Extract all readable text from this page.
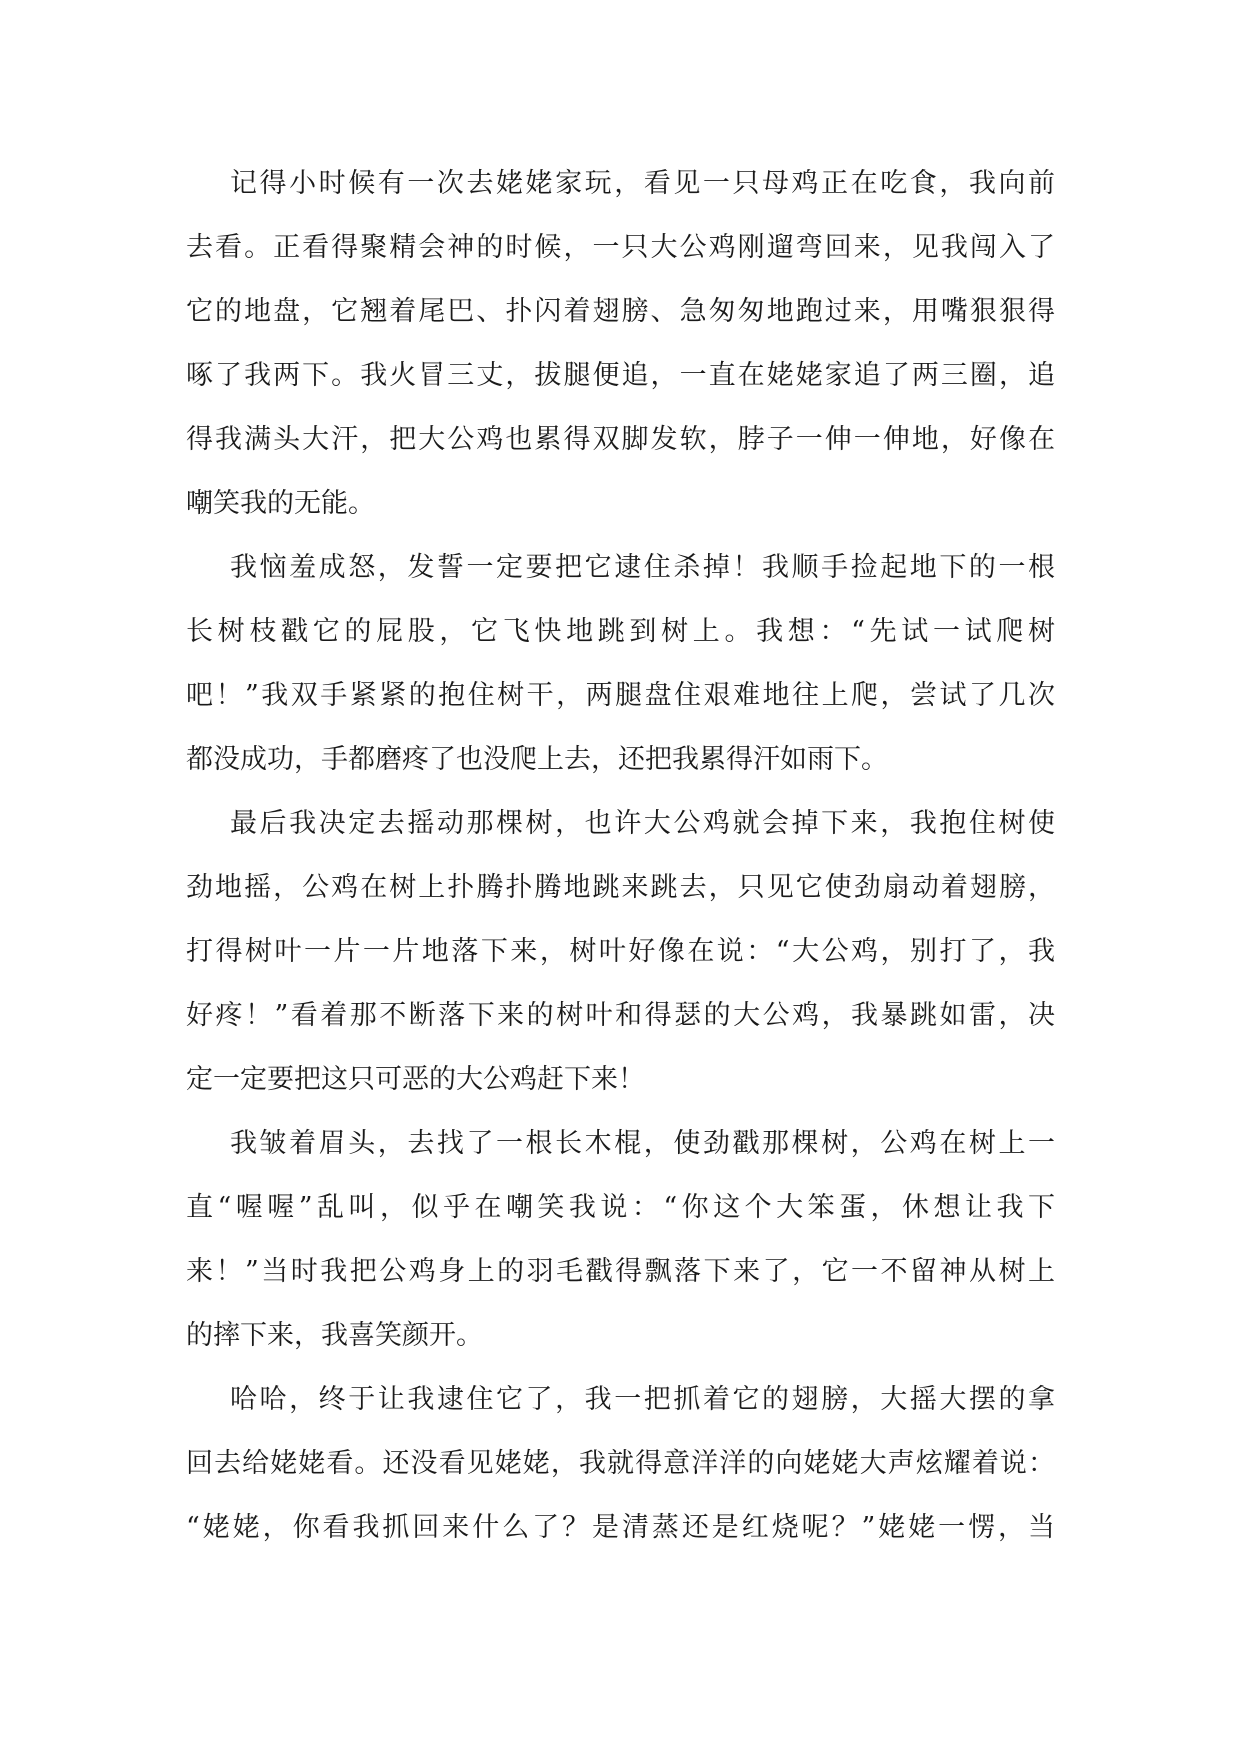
记得小时候有一次去姥姥家玩，看见一只母鸡正在吃食，我向前
去看。正看得聚精会神的时候，一只大公鸡刚遛弯回来，见我闯入了
它的地盘，它翘着尾巴、扑闪着翅膀、急匆匆地跑过来，用嘴狠狠得
啄了我两下。我火冒三丈，拔腿便追，一直在姥姥家追了两三圈，追
得我满头大汗，把大公鸡也累得双脚发软，脖子一伸一伸地，好像在
嘲笑我的无能。
我恼羞成怒，发誓一定要把它逮住杀掉！我顺手捡起地下的一根
长树枝戳它的屁股，它飞快地跳到树上。我想：“先试一试爬树
吧！”我双手紧紧的抱住树干，两腿盘住艰难地往上爬，尝试了几次
都没成功，手都磨疼了也没爬上去，还把我累得汗如雨下。
最后我决定去摇动那棵树，也许大公鸡就会掉下来，我抱住树使
劲地摇，公鸡在树上扑腾扑腾地跳来跳去，只见它使劲扇动着翅膀，
打得树叶一片一片地落下来，树叶好像在说：“大公鸡，别打了，我
好疼！”看着那不断落下来的树叶和得瑟的大公鸡，我暴跳如雷，决
定一定要把这只可恶的大公鸡赶下来！
我皱着眉头，去找了一根长木棍，使劲戳那棵树，公鸡在树上一
直“喔喔”乱叫，似乎在嘲笑我说：“你这个大笨蛋，休想让我下
来！”当时我把公鸡身上的羽毛戳得飘落下来了，它一不留神从树上
的摔下来，我喜笑颜开。
哈哈，终于让我逮住它了，我一把抓着它的翅膀，大摇大摆的拿
回去给姥姥看。还没看见姥姥，我就得意洋洋的向姥姥大声炫耀着说：
“姥姥，你看我抓回来什么了？是清蒸还是红烧呢？”姥姥一愣，当
